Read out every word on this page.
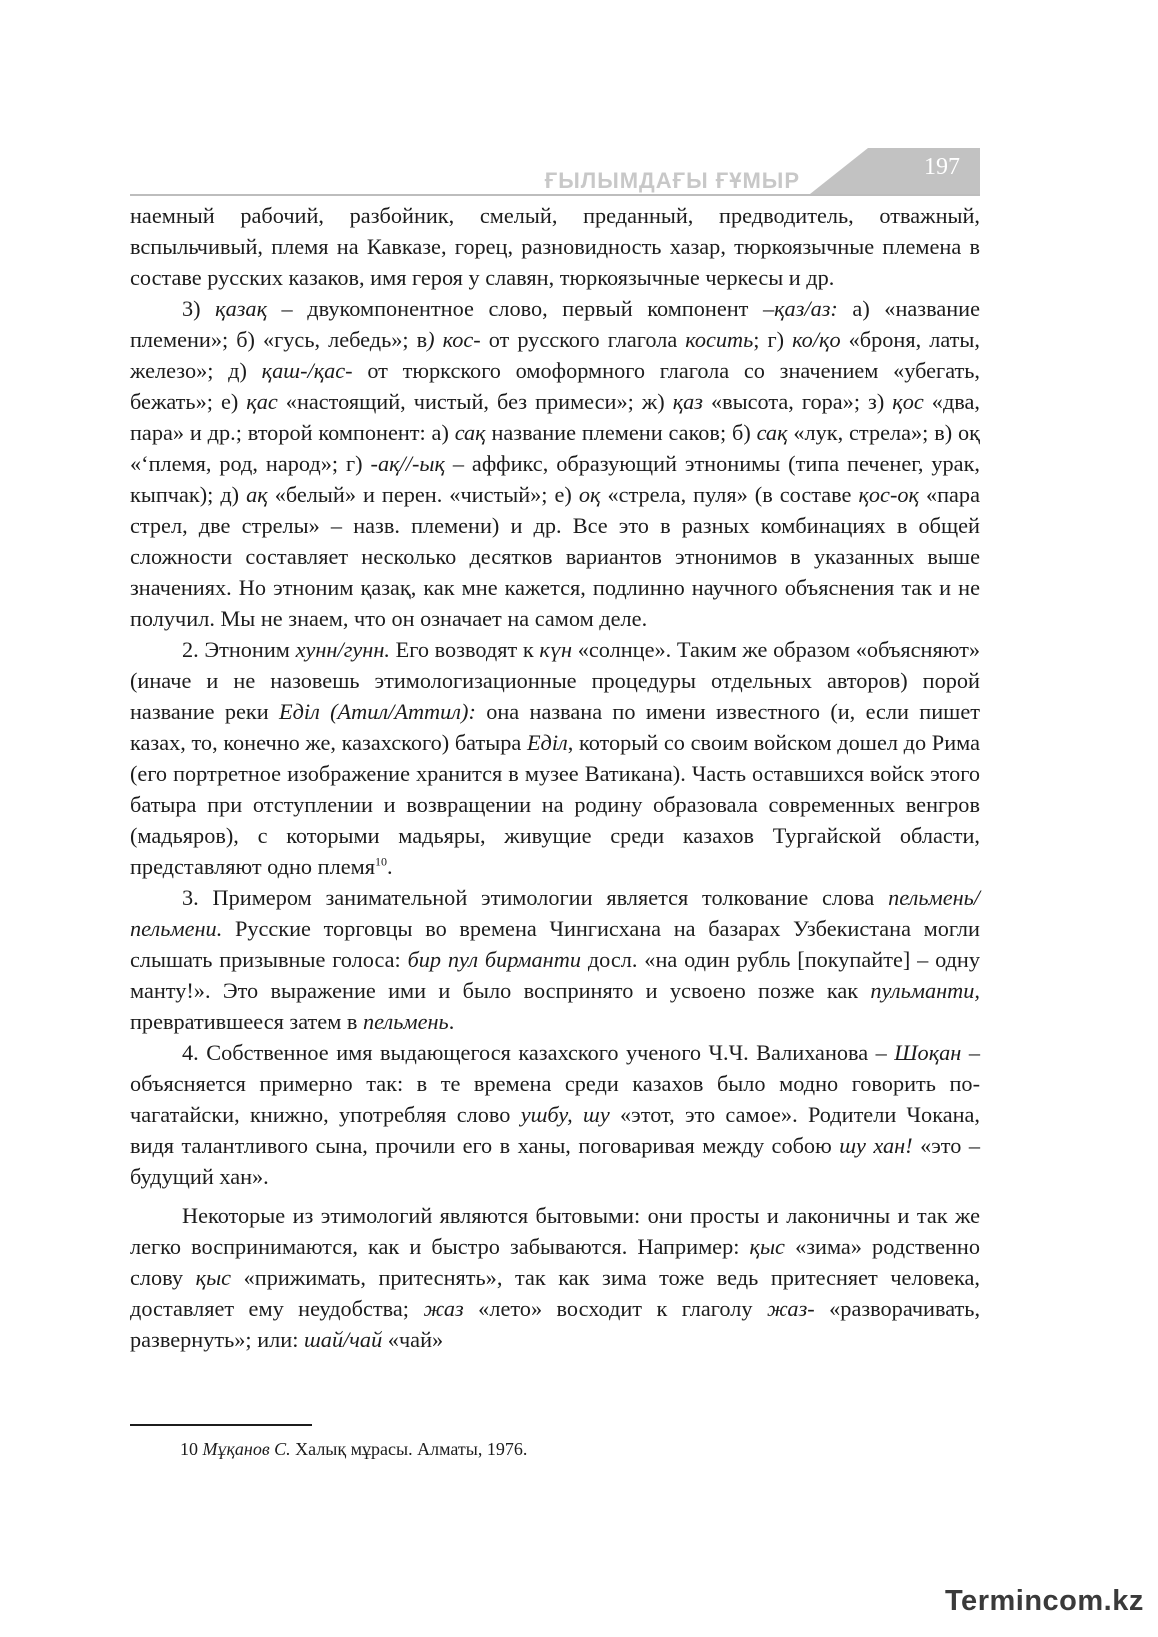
ҒЫЛЫМДАҒЫ ҒҰМЫР
197

наемный рабочий, разбойник, смелый, преданный, предводитель, отважный, вспыльчивый, племя на Кавказе, горец, разновидность хазар, тюркоязычные племена в составе русских казаков, имя героя у славян, тюркоязычные черкесы и др.

3) қазақ – двукомпонентное слово, первый компонент –қаз/аз: а) «название племени»; б) «гусь, лебедь»; в) кос- от русского глагола косить; г) ко/қо «броня, латы, железо»; д) қаш-/қас- от тюркского омоформного глагола со значением «убегать, бежать»; е) қас «настоящий, чистый, без примеси»; ж) қаз «высота, гора»; з) қос «два, пара» и др.; второй компонент: а) сақ название племени саков; б) сақ «лук, стрела»; в) оқ «‘племя, род, народ»; г) -ақ//-ық – аффикс, образующий этнонимы (типа печенег, урак, кыпчак); д) ақ «белый» и перен. «чистый»; е) оқ «стрела, пуля» (в составе қос-оқ «пара стрел, две стрелы» – назв. племени) и др. Все это в разных комбинациях в общей сложности составляет несколько десятков вариантов этнонимов в указанных выше значениях. Но этноним қазақ, как мне кажется, подлинно научного объяснения так и не получил. Мы не знаем, что он означает на самом деле.

2. Этноним хунн/гунн. Его возводят к күн «солнце». Таким же образом «объясняют» (иначе и не назовешь этимологизационные процедуры отдельных авторов) порой название реки Еділ (Атил/Аттил): она названа по имени известного (и, если пишет казах, то, конечно же, казахского) батыра Еділ, который со своим войском дошел до Рима (его портретное изображение хранится в музее Ватикана). Часть оставшихся войск этого батыра при отступлении и возвращении на родину образовала современных венгров (мадьяров), с которыми мадьяры, живущие среди казахов Тургайской области, представляют одно племя$^{10}$.

3. Примером занимательной этимологии является толкование слова пельмень/пельмени. Русские торговцы во времена Чингисхана на базарах Узбекистана могли слышать призывные голоса: бир пул бирманти досл. «на один рубль [покупайте] – одну манту!». Это выражение ими и было воспринято и усвоено позже как пульманти, превратившееся затем в пельмень.

4. Собственное имя выдающегося казахского ученого Ч.Ч. Валиханова – Шоқан – объясняется примерно так: в те времена среди казахов было модно говорить по-чагатайски, книжно, употребляя слово ушбу, шу «этот, это самое». Родители Чокана, видя талантливого сына, прочили его в ханы, поговаривая между собою шу хан! «это – будущий хан».

Некоторые из этимологий являются бытовыми: они просты и лаконичны и так же легко воспринимаются, как и быстро забываются. Например: қыс «зима» родственно слову қыс «прижимать, притеснять», так как зима тоже ведь притесняет человека, доставляет ему неудобства; жаз «лето» восходит к глаголу жаз- «разворачивать, развернуть»; или: шай/чай «чай»

10 Мұқанов С. Халық мұрасы. Алматы, 1976.
Termincom.kz
